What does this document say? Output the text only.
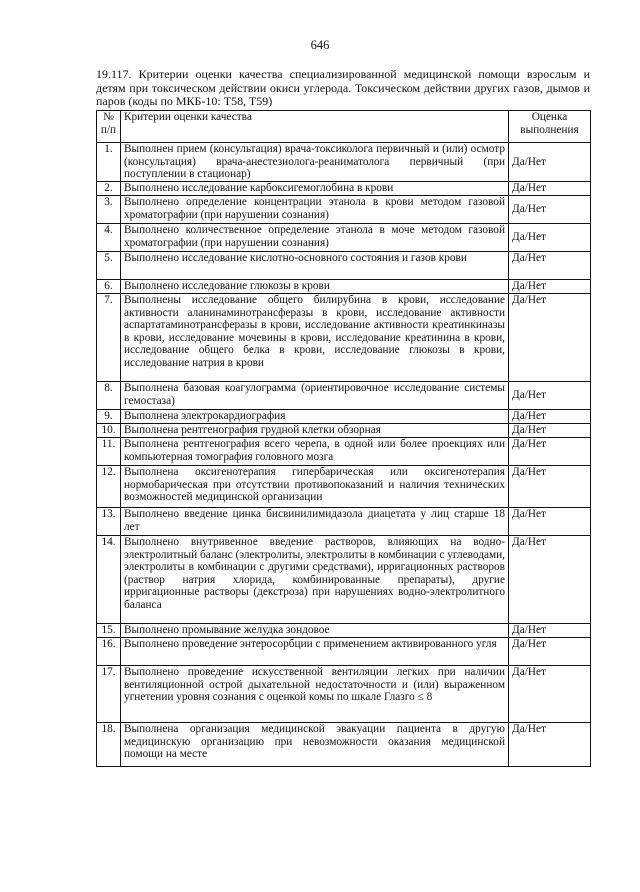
646
19.117. Критерии оценки качества специализированной медицинской помощи взрослым и детям при токсическом действии окиси углерода. Токсическом действии других газов, дымов и паров (коды по МКБ-10: T58, T59)
№ п/п	Критерии оценки качества	Оценка выполнения
1.	Выполнен прием (консультация) врача-токсиколога первичный и (или) осмотр (консультация) врача-анестезиолога-реаниматолога первичный (при поступлении в стационар)	Да/Нет
2.	Выполнено исследование карбоксигемоглобина в крови	Да/Нет
3.	Выполнено определение концентрации этанола в крови методом газовой хроматографии (при нарушении сознания)	Да/Нет
4.	Выполнено количественное определение этанола в моче методом газовой хроматографии (при нарушении сознания)	Да/Нет
5.	Выполнено исследование кислотно-основного состояния и газов крови	Да/Нет
6.	Выполнено исследование глюкозы в крови	Да/Нет
7.	Выполнены исследование общего билирубина в крови, исследование активности аланинаминотрансферазы в крови, исследование активности аспартатаминотрансферазы в крови, исследование активности креатинкиназы в крови, исследование мочевины в крови, исследование креатинина в крови, исследование общего белка в крови, исследование глюкозы в крови, исследование натрия в крови	Да/Нет
8.	Выполнена базовая коагулограмма (ориентировочное исследование системы гемостаза)	Да/Нет
9.	Выполнена электрокардиография	Да/Нет
10.	Выполнена рентгенография грудной клетки обзорная	Да/Нет
11.	Выполнена рентгенография всего черепа, в одной или более проекциях или компьютерная томография головного мозга	Да/Нет
12.	Выполнена оксигенотерапия гипербарическая или оксигенотерапия нормобарическая при отсутствии противопоказаний и наличия технических возможностей медицинской организации	Да/Нет
13.	Выполнено введение цинка бисвинилимидазола диацетата у лиц старше 18 лет	Да/Нет
14.	Выполнено внутривенное введение растворов, влияющих на водно-электролитный баланс (электролиты, электролиты в комбинации с углеводами, электролиты в комбинации с другими средствами), ирригационных растворов (раствор натрия хлорида, комбинированные препараты), другие ирригационные растворы (декстроза) при нарушениях водно-электролитного баланса	Да/Нет
15.	Выполнено промывание желудка зондовое	Да/Нет
16.	Выполнено проведение энтеросорбции с применением активированного угля	Да/Нет
17.	Выполнено проведение искусственной вентиляции легких при наличии вентиляционной острой дыхательной недостаточности и (или) выраженном угнетении уровня сознания с оценкой комы по шкале Глазго ≤ 8	Да/Нет
18.	Выполнена организация медицинской эвакуации пациента в другую медицинскую организацию при невозможности оказания медицинской помощи на месте	Да/Нет
